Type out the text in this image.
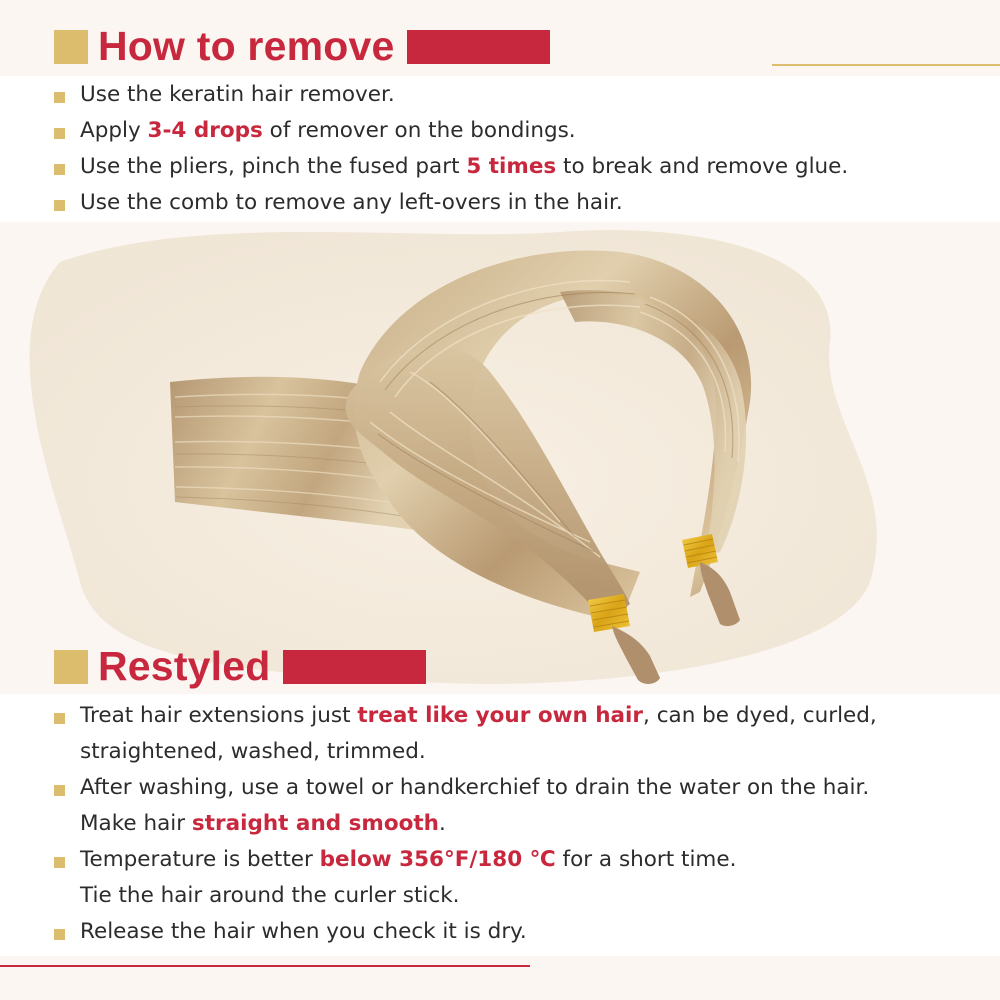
How to remove
Use the keratin hair remover.
Apply 3-4 drops of remover on the bondings.
Use the pliers, pinch the fused part 5 times to break and remove glue.
Use the comb to remove any left-overs in the hair.
Restyled
Treat hair extensions just treat like your own hair, can be dyed, curled,
straightened, washed, trimmed.
After washing, use a towel or handkerchief to drain the water on the hair.
Make hair straight and smooth.
Temperature is better below 356°F/180 ℃ for a short time.
Tie the hair around the curler stick.
Release the hair when you check it is dry.
